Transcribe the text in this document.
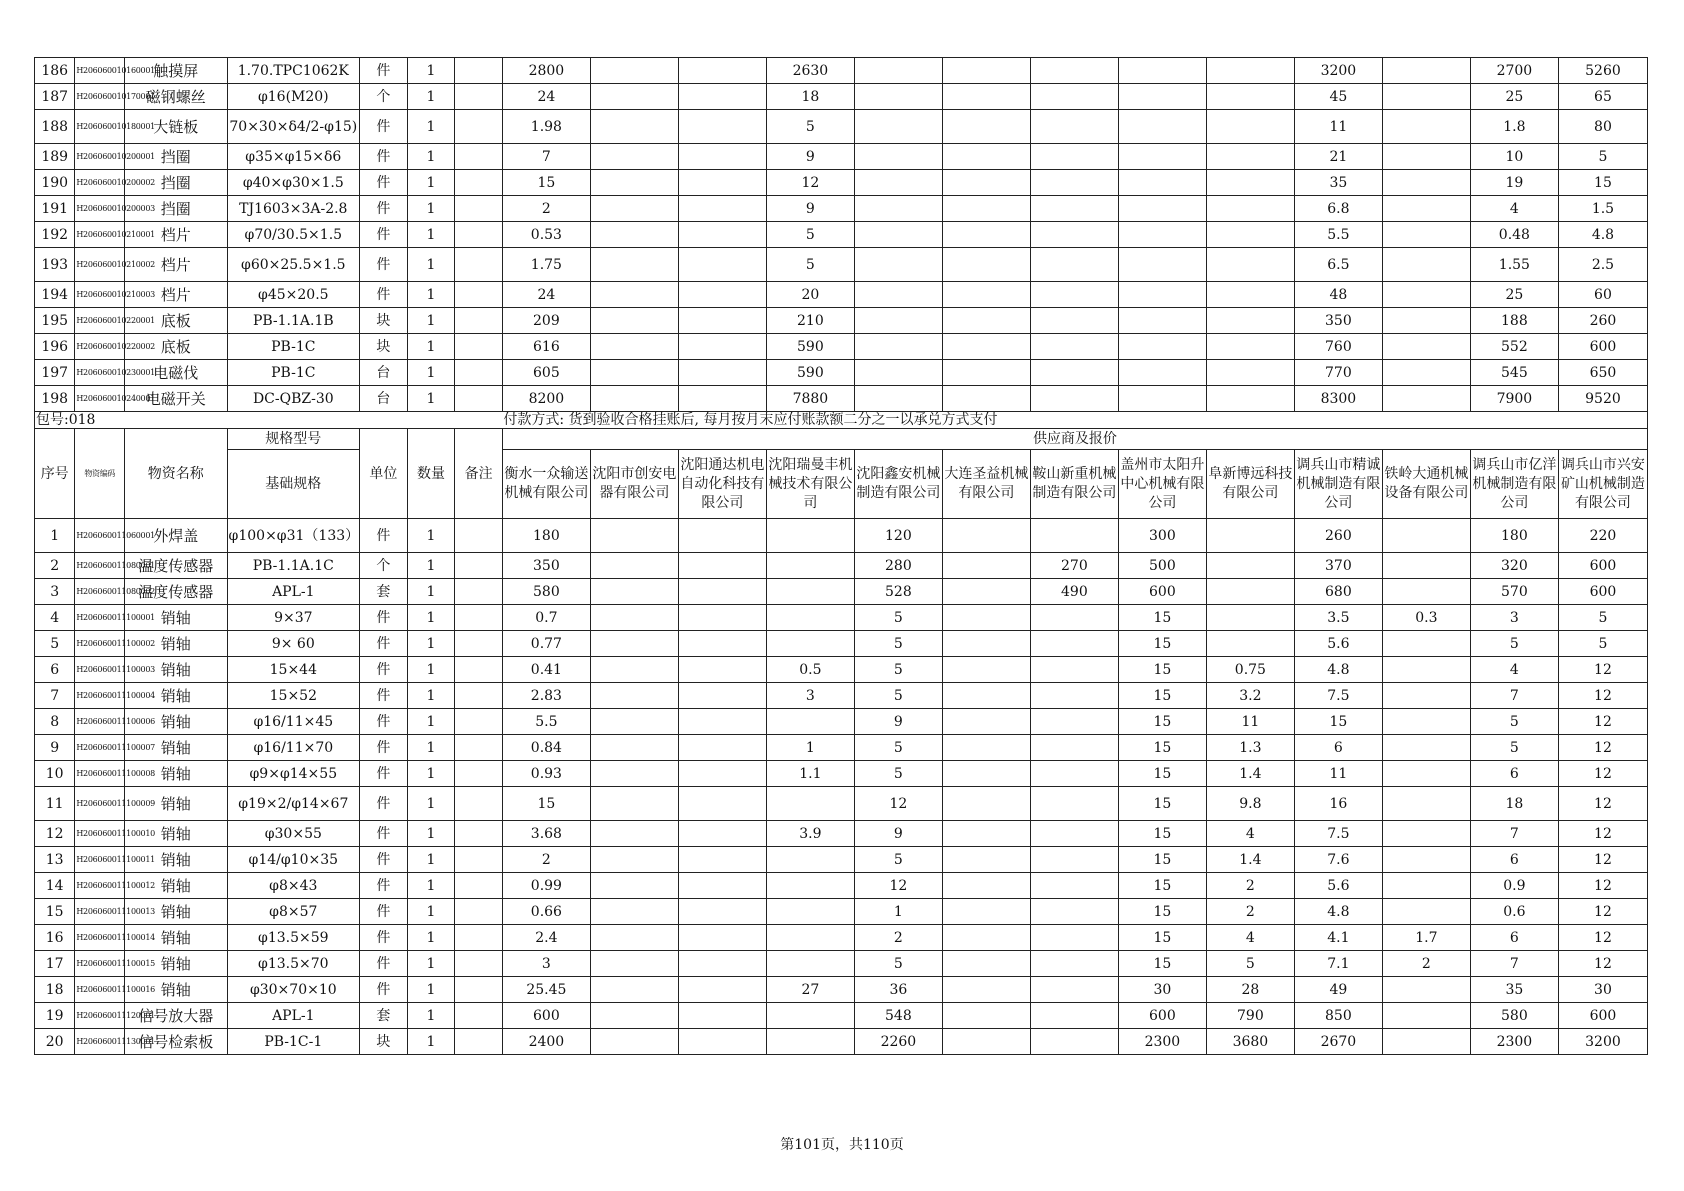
186	H206060010160001	触摸屏	1.70.TPC1062K	件	1		2800			2630						3200		2700	5260
187	H206060010170001	磁钢螺丝	φ16(M20)	个	1		24			18						45		25	65
188	H206060010180001	大链板	70×30×δ4/2-φ15)	件	1		1.98			5						11		1.8	80
189	H206060010200001	挡圈	φ35×φ15×δ6	件	1		7			9						21		10	5
190	H206060010200002	挡圈	φ40×φ30×1.5	件	1		15			12						35		19	15
191	H206060010200003	挡圈	TJ1603×3A-2.8	件	1		2			9						6.8		4	1.5
192	H206060010210001	档片	φ70/30.5×1.5	件	1		0.53			5						5.5		0.48	4.8
193	H206060010210002	档片	φ60×25.5×1.5	件	1		1.75			5						6.5		1.55	2.5
194	H206060010210003	档片	φ45×20.5	件	1		24			20						48		25	60
195	H206060010220001	底板	PB-1.1A.1B	块	1		209			210						350		188	260
196	H206060010220002	底板	PB-1C	块	1		616			590						760		552	600
197	H206060010230001	电磁伐	PB-1C	台	1		605			590						770		545	650
198	H206060010240001	电磁开关	DC-QBZ-30	台	1		8200			7880						8300		7900	9520
包号:018							付款方式: 货到验收合格挂账后, 每月按月末应付账款额二分之一以承兑方式支付												
序号	物资编码	物资名称	规格型号	单位	数量	备注	供应商及报价												
			基础规格				衡水一众输送机械有限公司	沈阳市创安电器有限公司	沈阳通达机电自动化科技有限公司	沈阳瑞曼丰机械技术有限公司	沈阳鑫安机械制造有限公司	大连圣益机械有限公司	鞍山新重机械制造有限公司	盖州市太阳升中心机械有限公司	阜新博远科技有限公司	调兵山市精诚机械制造有限公司	铁岭大通机械设备有限公司	调兵山市亿洋机械制造有限公司	调兵山市兴安矿山机械制造有限公司
1	H206060011060001	外焊盖	φ100×φ31（133）	件	1		180				120			300		260		180	220
2	H206060011080001	温度传感器	PB-1.1A.1C	个	1		350				280		270	500		370		320	600
3	H206060011080002	温度传感器	APL-1	套	1		580				528		490	600		680		570	600
4	H206060011100001	销轴	9×37	件	1		0.7				5			15		3.5	0.3	3	5
5	H206060011100002	销轴	9× 60	件	1		0.77				5			15		5.6		5	5
6	H206060011100003	销轴	15×44	件	1		0.41			0.5	5			15	0.75	4.8		4	12
7	H206060011100004	销轴	15×52	件	1		2.83			3	5			15	3.2	7.5		7	12
8	H206060011100006	销轴	φ16/11×45	件	1		5.5				9			15	11	15		5	12
9	H206060011100007	销轴	φ16/11×70	件	1		0.84			1	5			15	1.3	6		5	12
10	H206060011100008	销轴	φ9×φ14×55	件	1		0.93			1.1	5			15	1.4	11		6	12
11	H206060011100009	销轴	φ19×2/φ14×67	件	1		15				12			15	9.8	16		18	12
12	H206060011100010	销轴	φ30×55	件	1		3.68			3.9	9			15	4	7.5		7	12
13	H206060011100011	销轴	φ14/φ10×35	件	1		2				5			15	1.4	7.6		6	12
14	H206060011100012	销轴	φ8×43	件	1		0.99				12			15	2	5.6		0.9	12
15	H206060011100013	销轴	φ8×57	件	1		0.66				1			15	2	4.8		0.6	12
16	H206060011100014	销轴	φ13.5×59	件	1		2.4				2			15	4	4.1	1.7	6	12
17	H206060011100015	销轴	φ13.5×70	件	1		3				5			15	5	7.1	2	7	12
18	H206060011100016	销轴	φ30×70×10	件	1		25.45			27	36			30	28	49		35	30
19	H206060011120001	信号放大器	APL-1	套	1		600				548			600	790	850		580	600
20	H206060011130001	信号检索板	PB-1C-1	块	1		2400				2260			2300	3680	2670		2300	3200
第101页，共110页
